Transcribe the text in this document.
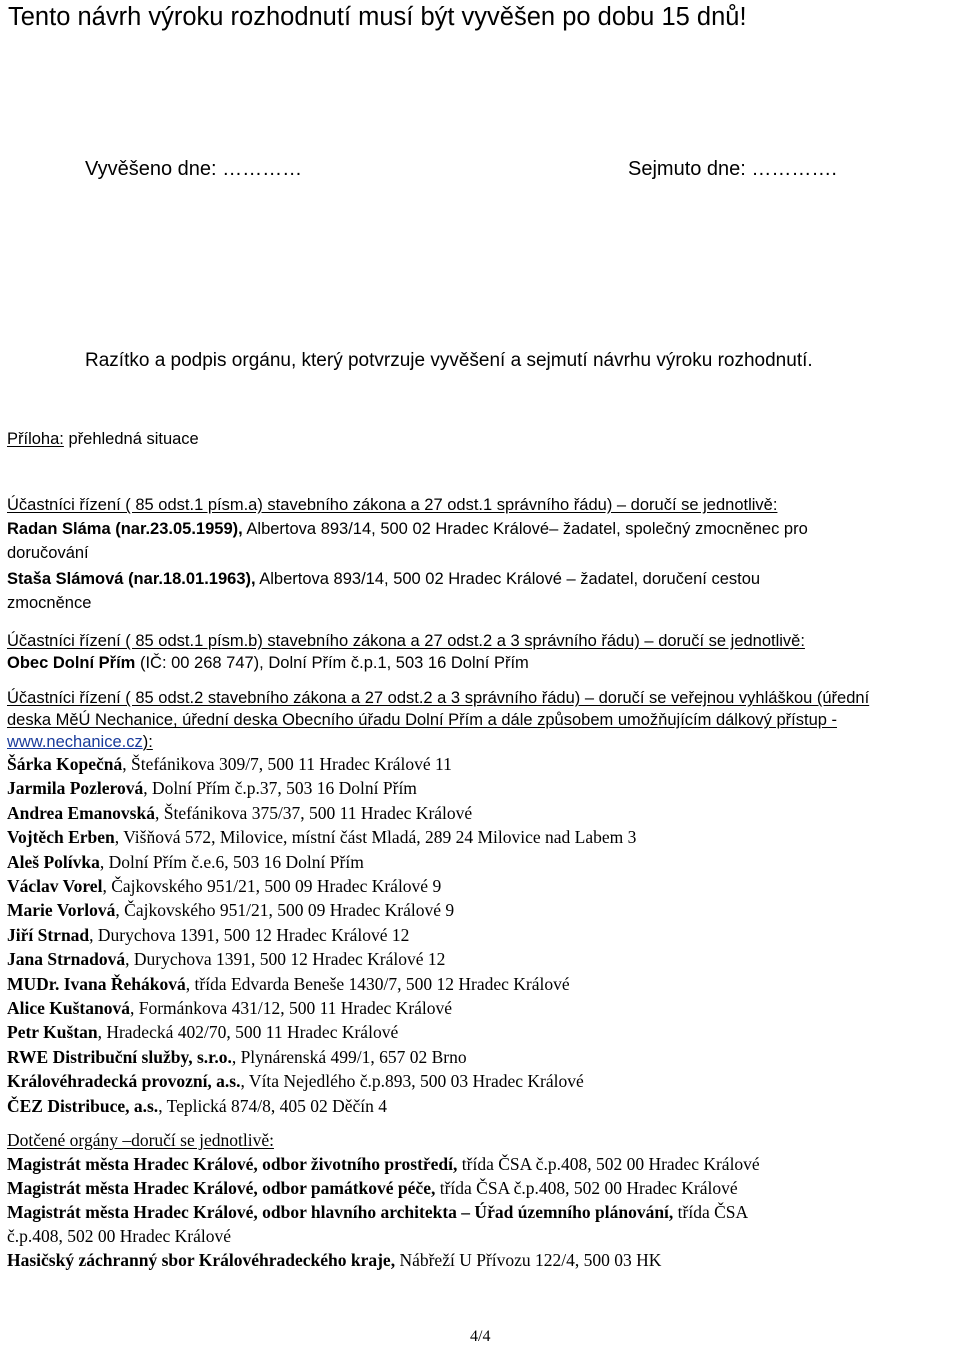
Tento návrh výroku rozhodnutí musí být vyvěšen po dobu 15 dnů!
Vyvěšeno dne: …………	Sejmuto dne: ………….
Razítko a podpis orgánu, který potvrzuje vyvěšení a sejmutí návrhu výroku rozhodnutí.
Příloha: přehledná situace
Účastníci řízení ( 85 odst.1 písm.a) stavebního zákona a 27 odst.1 správního řádu) – doručí se jednotlivě:
Radan Sláma (nar.23.05.1959), Albertova 893/14, 500 02 Hradec Králové– žadatel, společný zmocněnec pro
doručování
Staša Slámová (nar.18.01.1963), Albertova 893/14, 500 02 Hradec Králové – žadatel, doručení cestou
zmocněnce
Účastníci řízení ( 85 odst.1 písm.b) stavebního zákona a 27 odst.2 a 3 správního řádu) – doručí se jednotlivě:
Obec Dolní Přím (IČ: 00 268 747), Dolní Přím č.p.1, 503 16 Dolní Přím
Účastníci řízení ( 85 odst.2 stavebního zákona a 27 odst.2 a 3 správního řádu) – doručí se veřejnou vyhláškou (úřední
deska MěÚ Nechanice, úřední deska Obecního úřadu Dolní Přím a dále způsobem umožňujícím dálkový přístup -
www.nechanice.cz):
Šárka Kopečná, Štefánikova 309/7, 500 11 Hradec Králové 11
Jarmila Pozlerová, Dolní Přím č.p.37, 503 16 Dolní Přím
Andrea Emanovská, Štefánikova 375/37, 500 11 Hradec Králové
Vojtěch Erben, Višňová 572, Milovice, místní část Mladá, 289 24 Milovice nad Labem 3
Aleš Polívka, Dolní Přím č.e.6, 503 16 Dolní Přím
Václav Vorel, Čajkovského 951/21, 500 09 Hradec Králové 9
Marie Vorlová, Čajkovského 951/21, 500 09 Hradec Králové 9
Jiří Strnad, Durychova 1391, 500 12 Hradec Králové 12
Jana Strnadová, Durychova 1391, 500 12 Hradec Králové 12
MUDr. Ivana Řeháková, třída Edvarda Beneše 1430/7, 500 12 Hradec Králové
Alice Kuštanová, Formánkova 431/12, 500 11 Hradec Králové
Petr Kuštan, Hradecká 402/70, 500 11 Hradec Králové
RWE Distribuční služby, s.r.o., Plynárenská 499/1, 657 02 Brno
Královéhradecká provozní, a.s., Víta Nejedlého č.p.893, 500 03 Hradec Králové
ČEZ Distribuce, a.s., Teplická 874/8, 405 02 Děčín 4
Dotčené orgány –doručí se jednotlivě:
Magistrát města Hradec Králové, odbor životního prostředí, třída ČSA č.p.408, 502 00 Hradec Králové
Magistrát města Hradec Králové, odbor památkové péče, třída ČSA č.p.408, 502 00 Hradec Králové
Magistrát města Hradec Králové, odbor hlavního architekta – Úřad územního plánování, třída ČSA
č.p.408, 502 00 Hradec Králové
Hasičský záchranný sbor Královéhradeckého kraje, Nábřeží U Přívozu 122/4, 500 03 HK
4/4
